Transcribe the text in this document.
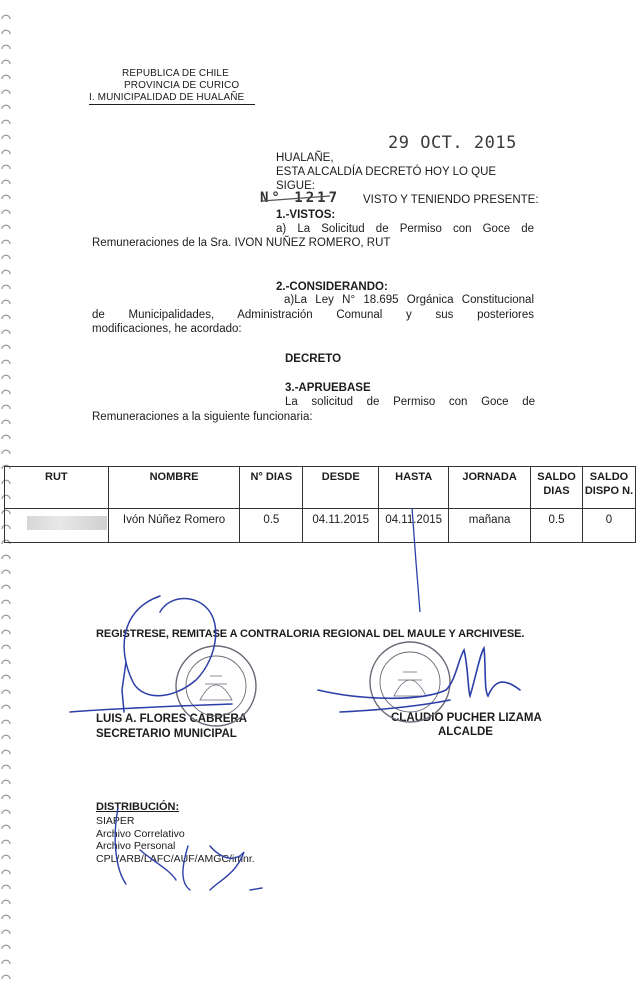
REPUBLICA DE CHILE
PROVINCIA DE CURICO
I. MUNICIPALIDAD DE HUALAÑE
29 OCT. 2015
HUALAÑE,
ESTA ALCALDÍA DECRETÓ HOY LO QUE
SIGUE:
N° 1217 VISTO Y TENIENDO PRESENTE:
1.-VISTOS:
a) La Solicitud de Permiso con Goce de
Remuneraciones de la Sra. IVON NUÑEZ ROMERO, RUT
2.-CONSIDERANDO:
a)La Ley N° 18.695 Orgánica Constitucional
de Municipalidades, Administración Comunal y sus posteriores
modificaciones, he acordado:
DECRETO
3.-APRUEBASE
La solicitud de Permiso con Goce de
Remuneraciones a la siguiente funcionaria:
RUT	NOMBRE	N° DIAS	DESDE	HASTA	JORNADA	SALDO DIAS	SALDO DISPO N.

	Ivón Núñez Romero	0.5	04.11.2015	04.11.2015	mañana	0.5	0
REGISTRESE, REMITASE A CONTRALORIA REGIONAL DEL MAULE Y ARCHIVESE.
LUIS A. FLORES CABRERA
SECRETARIO MUNICIPAL
CLAUDIO PUCHER LIZAMA
ALCALDE
DISTRIBUCIÓN:
SIAPER
Archivo Correlativo
Archivo Personal
CPL/ARB/LAFC/AUF/AMGC/imnr.
